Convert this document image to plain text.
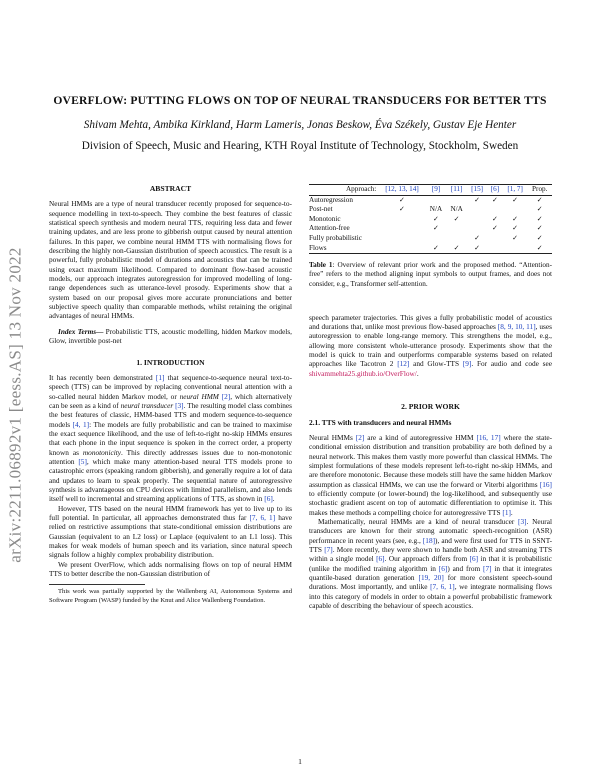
arXiv:2211.06892v1 [eess.AS] 13 Nov 2022
OVERFLOW: PUTTING FLOWS ON TOP OF NEURAL TRANSDUCERS FOR BETTER TTS
Shivam Mehta, Ambika Kirkland, Harm Lameris, Jonas Beskow, Éva Székely, Gustav Eje Henter
Division of Speech, Music and Hearing, KTH Royal Institute of Technology, Stockholm, Sweden
ABSTRACT

Neural HMMs are a type of neural transducer recently proposed for sequence-to-sequence modelling in text-to-speech. They combine the best features of classic statistical speech synthesis and modern neural TTS, requiring less data and fewer training updates, and are less prone to gibberish output caused by neural attention failures. In this paper, we combine neural HMM TTS with normalising flows for describing the highly non-Gaussian distribution of speech acoustics. The result is a powerful, fully probabilistic model of durations and acoustics that can be trained using exact maximum likelihood. Compared to dominant flow-based acoustic models, our approach integrates autoregression for improved modelling of long-range dependences such as utterance-level prosody. Experiments show that a system based on our proposal gives more accurate pronunciations and better subjective speech quality than comparable methods, whilst retaining the original advantages of neural HMMs.

Index Terms— Probabilistic TTS, acoustic modelling, hidden Markov models, Glow, invertible post-net

1. INTRODUCTION

It has recently been demonstrated [1] that sequence-to-sequence neural text-to-speech (TTS) can be improved by replacing conventional neural attention with a so-called neural hidden Markov model, or neural HMM [2], which alternatively can be seen as a kind of neural transducer [3]. The resulting model class combines the best features of classic, HMM-based TTS and modern sequence-to-sequence models [4, 1]: The models are fully probabilistic and can be trained to maximise the exact sequence likelihood, and the use of left-to-right no-skip HMMs ensures that each phone in the input sequence is spoken in the correct order, a property known as monotonicity. This directly addresses issues due to non-monotonic attention [5], which make many attention-based neural TTS models prone to catastrophic errors (speaking random gibberish), and generally require a lot of data and updates to learn to speak properly. The sequential nature of autoregressive synthesis is advantageous on CPU devices with limited parallelism, and also lends itself well to incremental and streaming applications of TTS, as shown in [6].

However, TTS based on the neural HMM framework has yet to live up to its full potential. In particular, all approaches demonstrated thus far [7, 6, 1] have relied on restrictive assumptions that state-conditional emission distributions are Gaussian (equivalent to an L2 loss) or Laplace (equivalent to an L1 loss). This makes for weak models of human speech and its variation, since natural speech signals follow a highly complex probability distribution.

We present OverFlow, which adds normalising flows on top of neural HMM TTS to better describe the non-Gaussian distribution of

This work was partially supported by the Wallenberg AI, Autonomous Systems and Software Program (WASP) funded by the Knut and Alice Wallenberg Foundation.

Approach:	[12, 13, 14]	[9]	[11]	[15]	[6]	[1, 7]	Prop.
Autoregression	✓			✓	✓	✓	✓
Post-net	✓	N/A	N/A				✓
Monotonic		✓	✓		✓	✓	✓
Attention-free		✓			✓	✓	✓
Fully probabilistic				✓		✓	✓
Flows		✓	✓	✓			✓
Table 1: Overview of relevant prior work and the proposed method. “Attention-free” refers to the method aligning input symbols to output frames, and does not consider, e.g., Transformer self-attention.

speech parameter trajectories. This gives a fully probabilistic model of acoustics and durations that, unlike most previous flow-based approaches [8, 9, 10, 11], uses autoregression to enable long-range memory. This strengthens the model, e.g., allowing more consistent whole-utterance prosody. Experiments show that the model is quick to train and outperforms comparable systems based on related approaches like Tacotron 2 [12] and Glow-TTS [9]. For audio and code see shivammehta25.github.io/OverFlow/.

2. PRIOR WORK
2.1. TTS with transducers and neural HMMs

Neural HMMs [2] are a kind of autoregressive HMM [16, 17] where the state-conditional emission distribution and transition probability are both defined by a neural network. This makes them vastly more powerful than classical HMMs. The simplest formulations of these models represent left-to-right no-skip HMMs, and are therefore monotonic. Because these models still have the same hidden Markov assumption as classical HMMs, we can use the forward or Viterbi algorithms [16] to efficiently compute (or lower-bound) the log-likelihood, and subsequently use stochastic gradient ascent on top of automatic differentiation to optimise it. This makes these methods a compelling choice for autoregressive TTS [1].

Mathematically, neural HMMs are a kind of neural transducer [3]. Neural transducers are known for their strong automatic speech-recognition (ASR) performance in recent years (see, e.g., [18]), and were first used for TTS in SSNT-TTS [7]. More recently, they were shown to handle both ASR and streaming TTS within a single model [6]. Our approach differs from [6] in that it is probabilistic (unlike the modified training algorithm in [6]) and from [7] in that it integrates quantile-based duration generation [19, 20] for more consistent speech-sound durations. Most importantly, and unlike [7, 6, 1], we integrate normalising flows into this category of models in order to obtain a powerful probabilistic framework capable of describing the behaviour of speech acoustics.

1
